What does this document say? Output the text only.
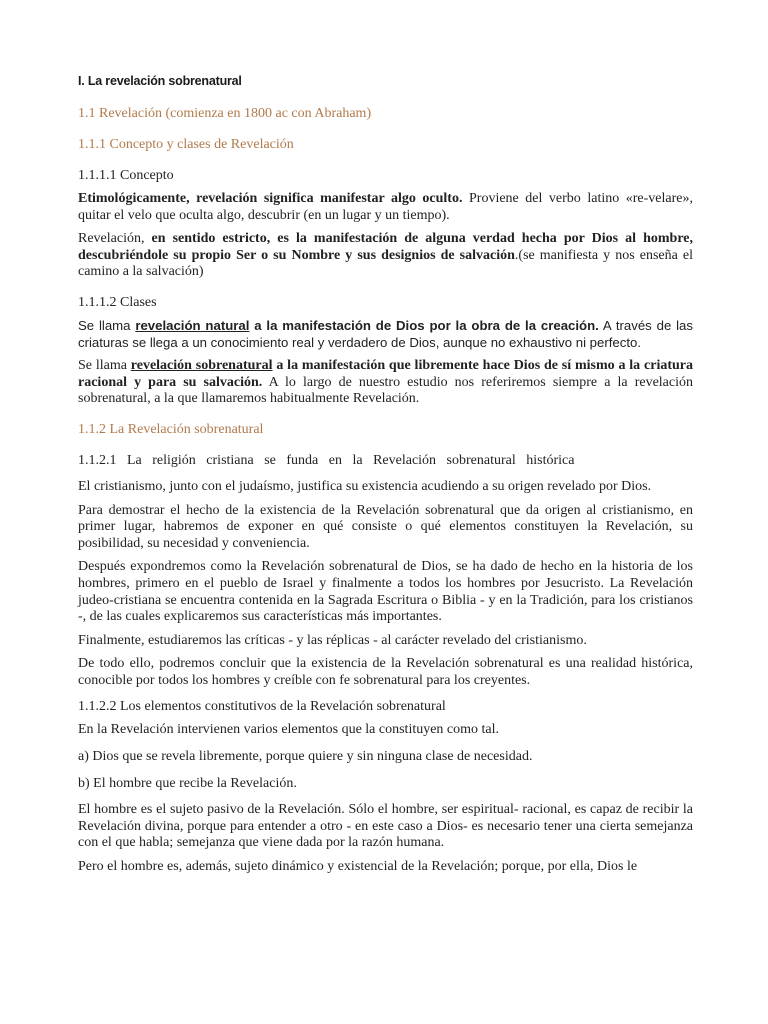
I. La revelación sobrenatural
1.1 Revelación (comienza en 1800 ac con Abraham)
1.1.1 Concepto y clases de Revelación
1.1.1.1 Concepto

Etimológicamente, revelación significa manifestar algo oculto. Proviene del verbo latino «re-velare», quitar el velo que oculta algo, descubrir (en un lugar y un tiempo).

Revelación, en sentido estricto, es la manifestación de alguna verdad hecha por Dios al hombre, descubriéndole su propio Ser o su Nombre y sus designios de salvación.(se manifiesta y nos enseña el camino a la salvación)

1.1.1.2 Clases

Se llama revelación natural a la manifestación de Dios por la obra de la creación. A través de las criaturas se llega a un conocimiento real y verdadero de Dios, aunque no exhaustivo ni perfecto.

Se llama revelación sobrenatural a la manifestación que libremente hace Dios de sí mismo a la criatura racional y para su salvación. A lo largo de nuestro estudio nos referiremos siempre a la revelación sobrenatural, a la que llamaremos habitualmente Revelación.

1.1.2 La Revelación sobrenatural
1.1.2.1 La religión cristiana se funda en la Revelación sobrenatural histórica

El cristianismo, junto con el judaísmo, justifica su existencia acudiendo a su origen revelado por Dios.

Para demostrar el hecho de la existencia de la Revelación sobrenatural que da origen al cristianismo, en primer lugar, habremos de exponer en qué consiste o qué elementos constituyen la Revelación, su posibilidad, su necesidad y conveniencia.

Después expondremos como la Revelación sobrenatural de Dios, se ha dado de hecho en la historia de los hombres, primero en el pueblo de Israel y finalmente a todos los hombres por Jesucristo. La Revelación judeo-cristiana se encuentra contenida en la Sagrada Escritura o Biblia - y en la Tradición, para los cristianos -, de las cuales explicaremos sus características más importantes.

Finalmente, estudiaremos las críticas - y las réplicas - al carácter revelado del cristianismo.

De todo ello, podremos concluir que la existencia de la Revelación sobrenatural es una realidad histórica, conocible por todos los hombres y creíble con fe sobrenatural para los creyentes.

1.1.2.2 Los elementos constitutivos de la Revelación sobrenatural

En la Revelación intervienen varios elementos que la constituyen como tal.

a) Dios que se revela libremente, porque quiere y sin ninguna clase de necesidad.

b) El hombre que recibe la Revelación.

El hombre es el sujeto pasivo de la Revelación. Sólo el hombre, ser espiritual- racional, es capaz de recibir la Revelación divina, porque para entender a otro - en este caso a Dios- es necesario tener una cierta semejanza con el que habla; semejanza que viene dada por la razón humana.

Pero el hombre es, además, sujeto dinámico y existencial de la Revelación; porque, por ella, Dios le
